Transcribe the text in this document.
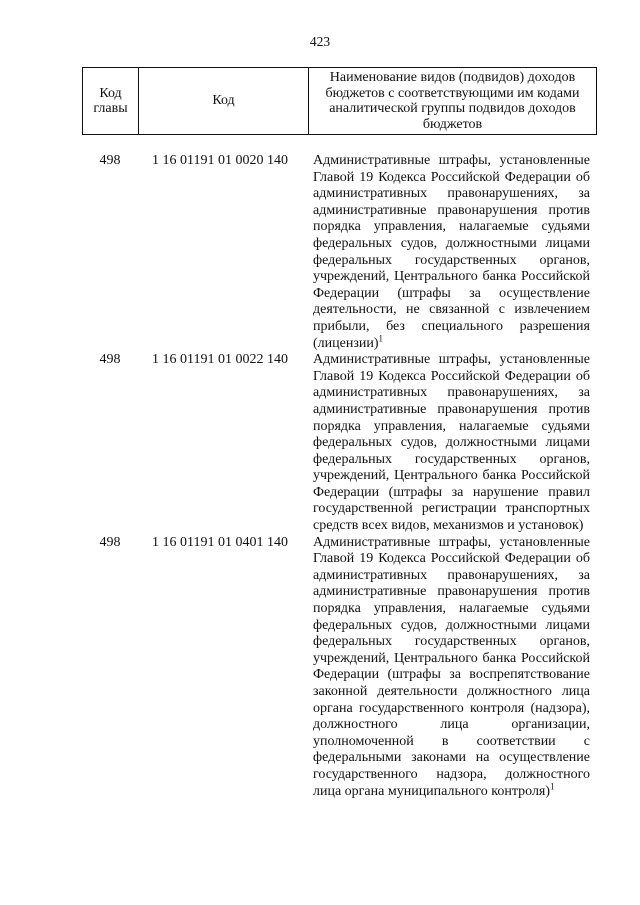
423
Код главы	Код	Наименование видов (подвидов) доходов бюджетов с соответствующими им кодами аналитической группы подвидов доходов бюджетов
498	1 16 01191 01 0020 140	Административные штрафы, установленные Главой 19 Кодекса Российской Федерации об административных правонарушениях, за административные правонарушения против порядка управления, налагаемые судьями федеральных судов, должностными лицами федеральных государственных органов, учреждений, Центрального банка Российской Федерации (штрафы за осуществление деятельности, не связанной с извлечением прибыли, без специального разрешения (лицензии)$^1$
498	1 16 01191 01 0022 140	Административные штрафы, установленные Главой 19 Кодекса Российской Федерации об административных правонарушениях, за административные правонарушения против порядка управления, налагаемые судьями федеральных судов, должностными лицами федеральных государственных органов, учреждений, Центрального банка Российской Федерации (штрафы за нарушение правил государственной регистрации транспортных средств всех видов, механизмов и установок)
498	1 16 01191 01 0401 140	Административные штрафы, установленные Главой 19 Кодекса Российской Федерации об административных правонарушениях, за административные правонарушения против порядка управления, налагаемые судьями федеральных судов, должностными лицами федеральных государственных органов, учреждений, Центрального банка Российской Федерации (штрафы за воспрепятствование законной деятельности должностного лица органа государственного контроля (надзора), должностного лица организации, уполномоченной в соответствии с федеральными законами на осуществление государственного надзора, должностного лица органа муниципального контроля)$^1$
